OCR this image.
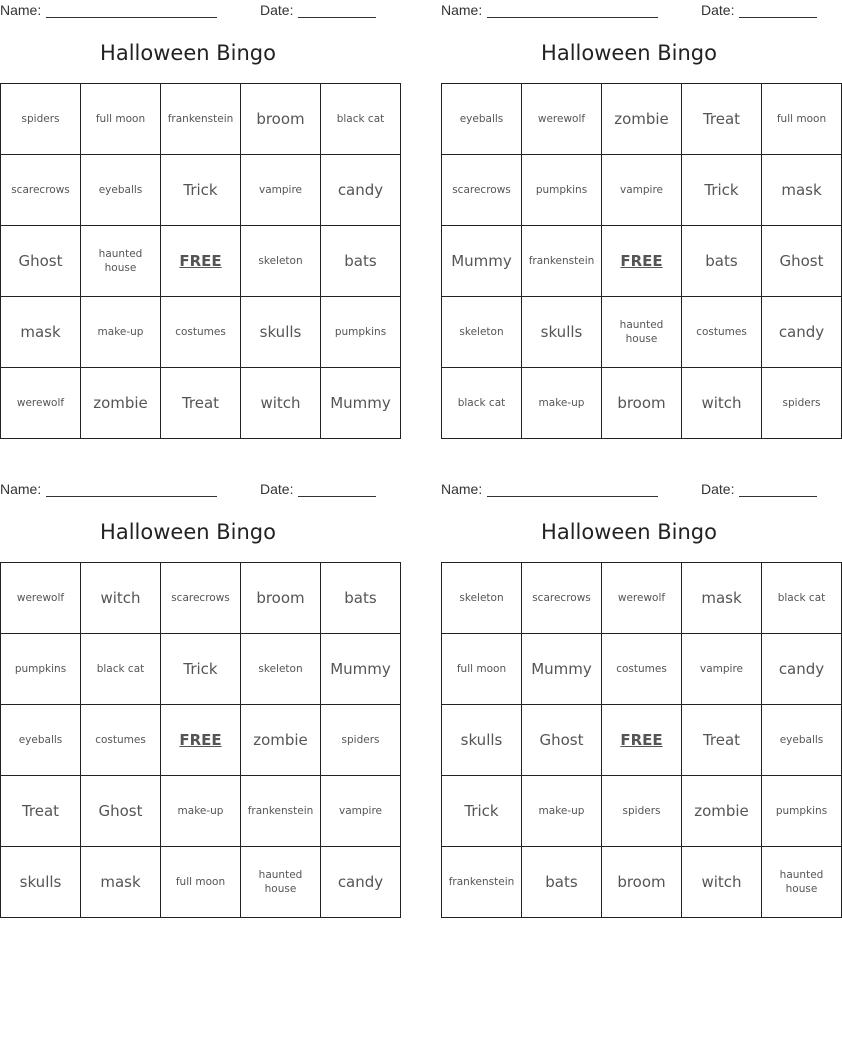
Name:	Date:
Halloween Bingo
spiders	full moon	frankenstein	broom	black cat
scarecrows	eyeballs	Trick	vampire	candy
Ghost	haunted house	FREE	skeleton	bats
mask	make-up	costumes	skulls	pumpkins
werewolf	zombie	Treat	witch	Mummy
Name:	Date:
Halloween Bingo
eyeballs	werewolf	zombie	Treat	full moon
scarecrows	pumpkins	vampire	Trick	mask
Mummy	frankenstein	FREE	bats	Ghost
skeleton	skulls	haunted house	costumes	candy
black cat	make-up	broom	witch	spiders
Name:	Date:
Halloween Bingo
werewolf	witch	scarecrows	broom	bats
pumpkins	black cat	Trick	skeleton	Mummy
eyeballs	costumes	FREE	zombie	spiders
Treat	Ghost	make-up	frankenstein	vampire
skulls	mask	full moon	haunted house	candy
Name:	Date:
Halloween Bingo
skeleton	scarecrows	werewolf	mask	black cat
full moon	Mummy	costumes	vampire	candy
skulls	Ghost	FREE	Treat	eyeballs
Trick	make-up	spiders	zombie	pumpkins
frankenstein	bats	broom	witch	haunted house
